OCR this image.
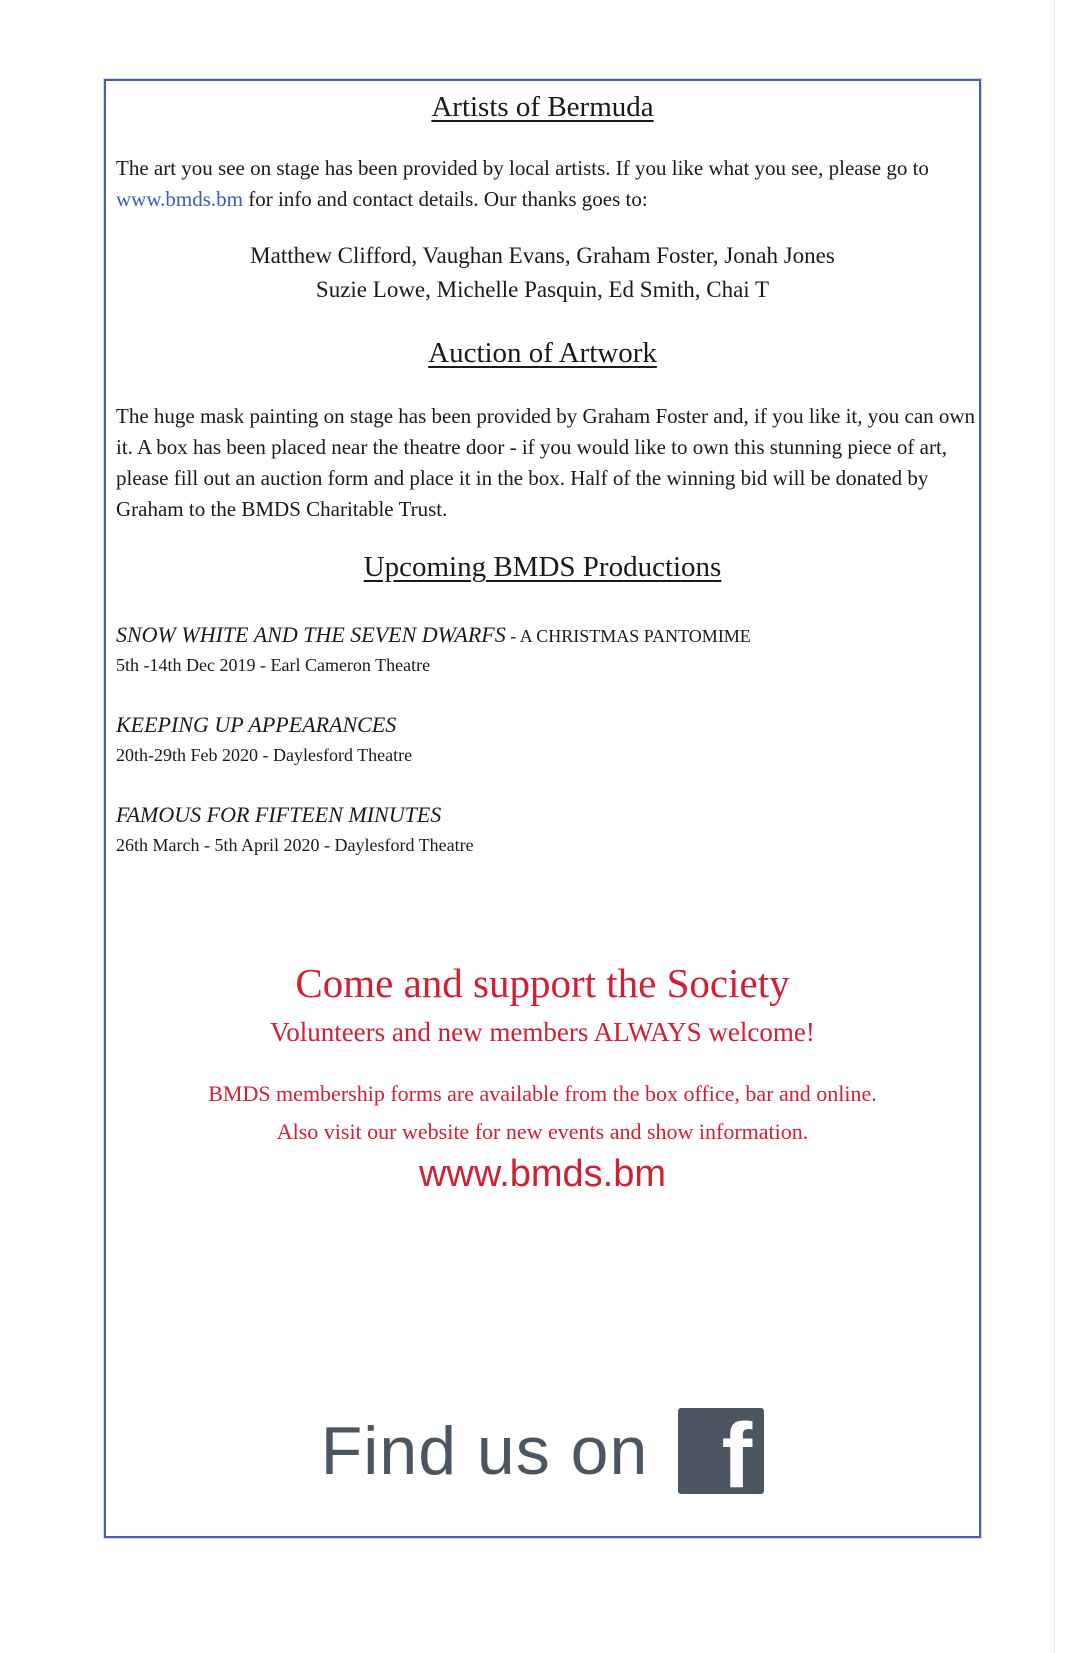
Artists of Bermuda

The art you see on stage has been provided by local artists. If you like what you see, please go to www.bmds.bm for info and contact details. Our thanks goes to:

Matthew Clifford, Vaughan Evans, Graham Foster, Jonah Jones
Suzie Lowe, Michelle Pasquin, Ed Smith, Chai T
Auction of Artwork

The huge mask painting on stage has been provided by Graham Foster and, if you like it, you can own it. A box has been placed near the theatre door - if you would like to own this stunning piece of art, please fill out an auction form and place it in the box. Half of the winning bid will be donated by Graham to the BMDS Charitable Trust.

Upcoming BMDS Productions
SNOW WHITE AND THE SEVEN DWARFS - A CHRISTMAS PANTOMIME
5th -14th Dec 2019 - Earl Cameron Theatre
KEEPING UP APPEARANCES
20th-29th Feb 2020 - Daylesford Theatre
FAMOUS FOR FIFTEEN MINUTES
26th March - 5th April 2020 - Daylesford Theatre
Come and support the Society
Volunteers and new members ALWAYS welcome!
BMDS membership forms are available from the box office, bar and online.
Also visit our website for new events and show information.
www.bmds.bm
Find us on f
